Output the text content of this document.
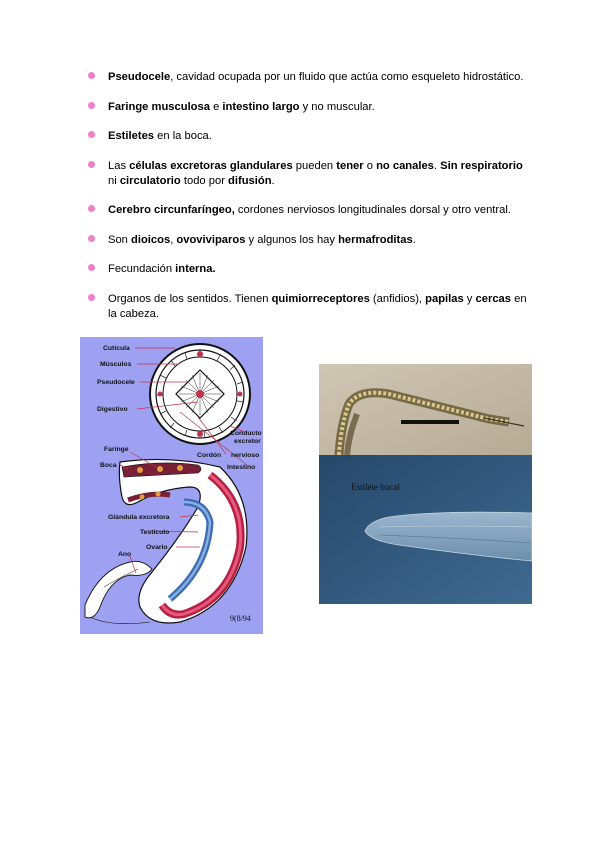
Pseudocele, cavidad ocupada por un fluido que actúa como esqueleto hidrostático.
Faringe musculosa e intestino largo y no muscular.
Estiletes en la boca.
Las células excretoras glandulares pueden tener o no canales. Sin respiratorio ni circulatorio todo por difusión.
Cerebro circunfaríngeo, cordones nerviosos longitudinales dorsal y otro ventral.
Son dioicos, ovoviviparos y algunos los hay hermafroditas.
Fecundación interna.
Organos de los sentidos. Tienen quimiorreceptores (anfidios), papilas y cercas en la cabeza.
Cutícula
Músculos
Pseudocele
Digestivo
Conducto
excretor
Cordón nervioso
Intestino
Faringe
Boca
Glándula excretora
Testículo
Ovario
Ano
9(8/94
Estilete bucal
